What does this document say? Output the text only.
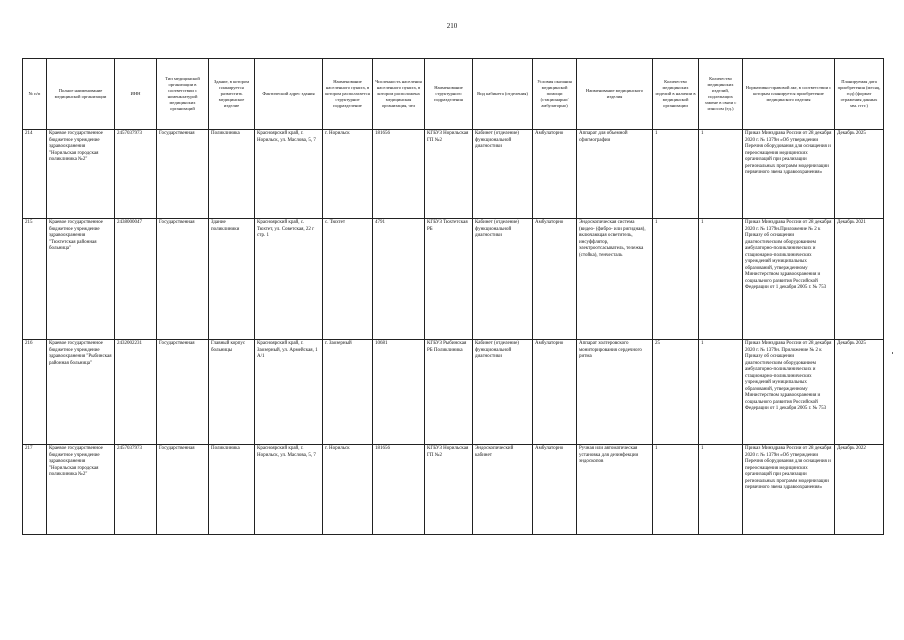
210
№ п/п	Полное наименование медицинской организации	ИНН	Тип медицинской организации в соответствии с номенклатурой медицинских организаций	Здание, в котором планируется разместить медицинское изделие	Фактический адрес здания	Наименование населенного пункта, в котором располагается структурное подразделение	Численность населения населенного пункта, в котором расположена медицинская организация, чел	Наименование структурного подразделения	Вид кабинета (отделения)	Условия оказания медицинской помощи (стационарно/амбулаторно)	Наименование медицинского изделия	Количество медицинских изделий в наличии в медицинской организации	Количество медицинских изделий, подлежащих замене в связи с износом (ед.)	Нормативно-правовой акт, в соответствии с которым планируется приобретение медицинского изделия	Планируемая дата приобретения (месяц, год) (формат отражения данных мм. гггг.)
214	Краевое государственное бюджетное учреждение здравоохранения "Норильская городская поликлиника №2"	2457037973	Государственная	Поликлиника	Красноярский край, г. Норильск, ул. Маслова, 5, 7	г. Норильск	181656	КГБУЗ Норильская ГП №2	Кабинет (отделение) функциональной диагностики	Амбулаторно	Аппарат для объемной сфигмографии	1	1	Приказ Минздрава России от 28 декабря 2020 г. № 1379н «Об утверждении Перечня оборудования для оснащения и переоснащения медицинских организаций при реализации региональных программ модернизации первичного звена здравоохранения»	Декабрь 2025
215	Краевое государственное бюджетное учреждение здравоохранения "Тюхтетская районная больница"	2438000047	Государственная	Здание поликлиники	Красноярский край, с. Тюхтет, ул. Советская, 22 г стр. 1	с. Тюхтет	4791	КГБУЗ Тюхтетская РБ	Кабинет (отделение) функциональной диагностики	Амбулаторно	Эндоскопическая система (видео- (фибро- или ригидная), включающая осветитель, инсуффлятор, электроотсасыватель, тележка (стойка), тенчесталь	1	1	Приказ Минздрава России от 28 декабря 2020 г. № 1379н.Приложение № 2 к Приказу об оснащении диагностическим оборудованием амбулаторно-поликлинических и стационарно-поликлинических учреждений муниципальных образований, утвержденному Министерством здравоохранения и социального развития Российской Федерации от 1 декабря 2005 г. № 753	Декабрь 2021
216	Краевое государственное бюджетное учреждение здравоохранения "Рыбинская районная больница"	2432002231	Государственная	Главный корпус больницы	Красноярский край, г. Заозерный, ул. Армейская, 1 А/1	г. Заозерный	10681	КГБУЗ Рыбинская РБ Поликлиника	Кабинет (отделение) функциональной диагностики	Амбулаторно	Аппарат холтеровского мониторирования сердечного ритма	25	1	Приказ Минздрава России от 28 декабря 2020 г. № 1379н. Приложение № 2 к Приказу об оснащении диагностическим оборудованием амбулаторно-поликлинических и стационарно-поликлинических учреждений муниципальных образований, утвержденному Министерством здравоохранения и социального развития Российской Федерации от 1 декабря 2005 г. № 753	Декабрь 2025
217	Краевое государственное бюджетное учреждение здравоохранения "Норильская городская поликлиника №2"	2457037973	Государственная	Поликлиника	Красноярский край, г. Норильск, ул. Маслова, 5, 7	г. Норильск	181656	КГБУЗ Норильская ГП №2	Эндоскопический кабинет	Амбулаторно	Ручная или автоматическая установка для дезинфекции эндоскопов	1	1	Приказ Минздрава России от 28 декабря 2020 г. № 1379н «Об утверждении Перечня оборудования для оснащения и переоснащения медицинских организаций при реализации региональных программ модернизации первичного звена здравоохранения»	Декабрь 2022
